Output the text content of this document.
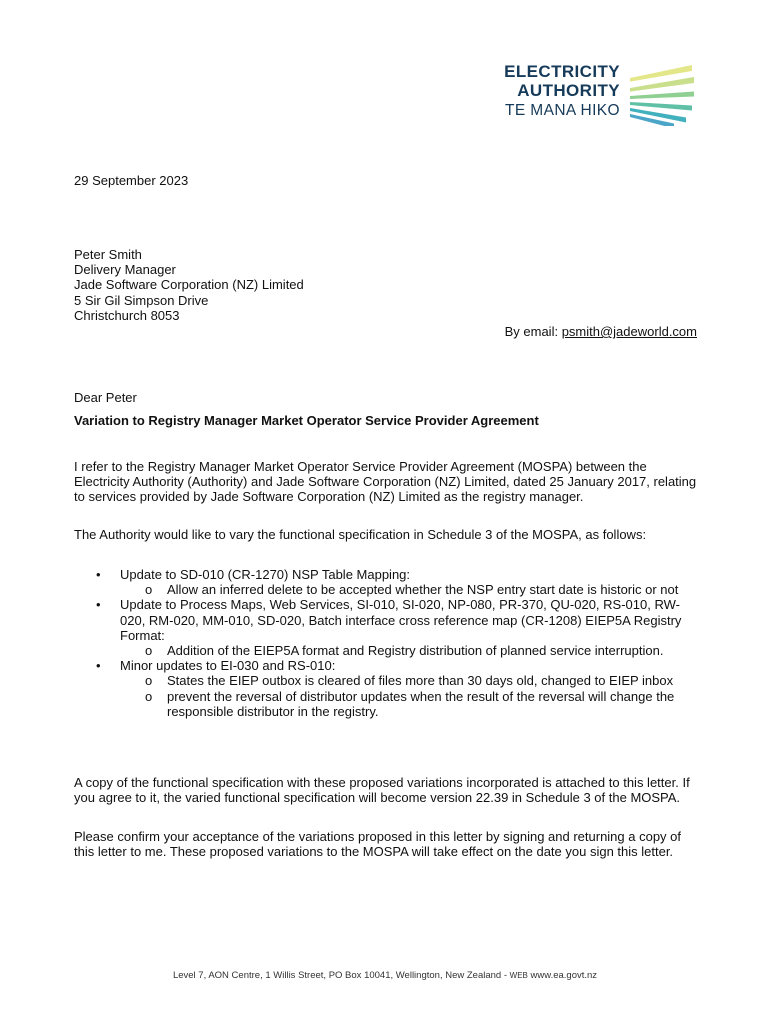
ELECTRICITY
AUTHORITY
TE MANA HIKO
29 September 2023
Peter Smith
Delivery Manager
Jade Software Corporation (NZ) Limited
5 Sir Gil Simpson Drive
Christchurch 8053
By email: psmith@jadeworld.com
Dear Peter
Variation to Registry Manager Market Operator Service Provider Agreement
I refer to the Registry Manager Market Operator Service Provider Agreement (MOSPA) between the Electricity Authority (Authority) and Jade Software Corporation (NZ) Limited, dated 25 January 2017, relating to services provided by Jade Software Corporation (NZ) Limited as the registry manager.
The Authority would like to vary the functional specification in Schedule 3 of the MOSPA, as follows:
• Update to SD-010 (CR-1270) NSP Table Mapping:
o Allow an inferred delete to be accepted whether the NSP entry start date is historic or not
• Update to Process Maps, Web Services, SI-010, SI-020, NP-080, PR-370, QU-020, RS-010, RW-020, RM-020, MM-010, SD-020, Batch interface cross reference map (CR-1208) EIEP5A Registry Format:
o Addition of the EIEP5A format and Registry distribution of planned service interruption.
• Minor updates to EI-030 and RS-010:
o States the EIEP outbox is cleared of files more than 30 days old, changed to EIEP inbox
o prevent the reversal of distributor updates when the result of the reversal will change the responsible distributor in the registry.
A copy of the functional specification with these proposed variations incorporated is attached to this letter. If you agree to it, the varied functional specification will become version 22.39 in Schedule 3 of the MOSPA.
Please confirm your acceptance of the variations proposed in this letter by signing and returning a copy of this letter to me. These proposed variations to the MOSPA will take effect on the date you sign this letter.
Level 7, AON Centre, 1 Willis Street, PO Box 10041, Wellington, New Zealand - WEB www.ea.govt.nz
